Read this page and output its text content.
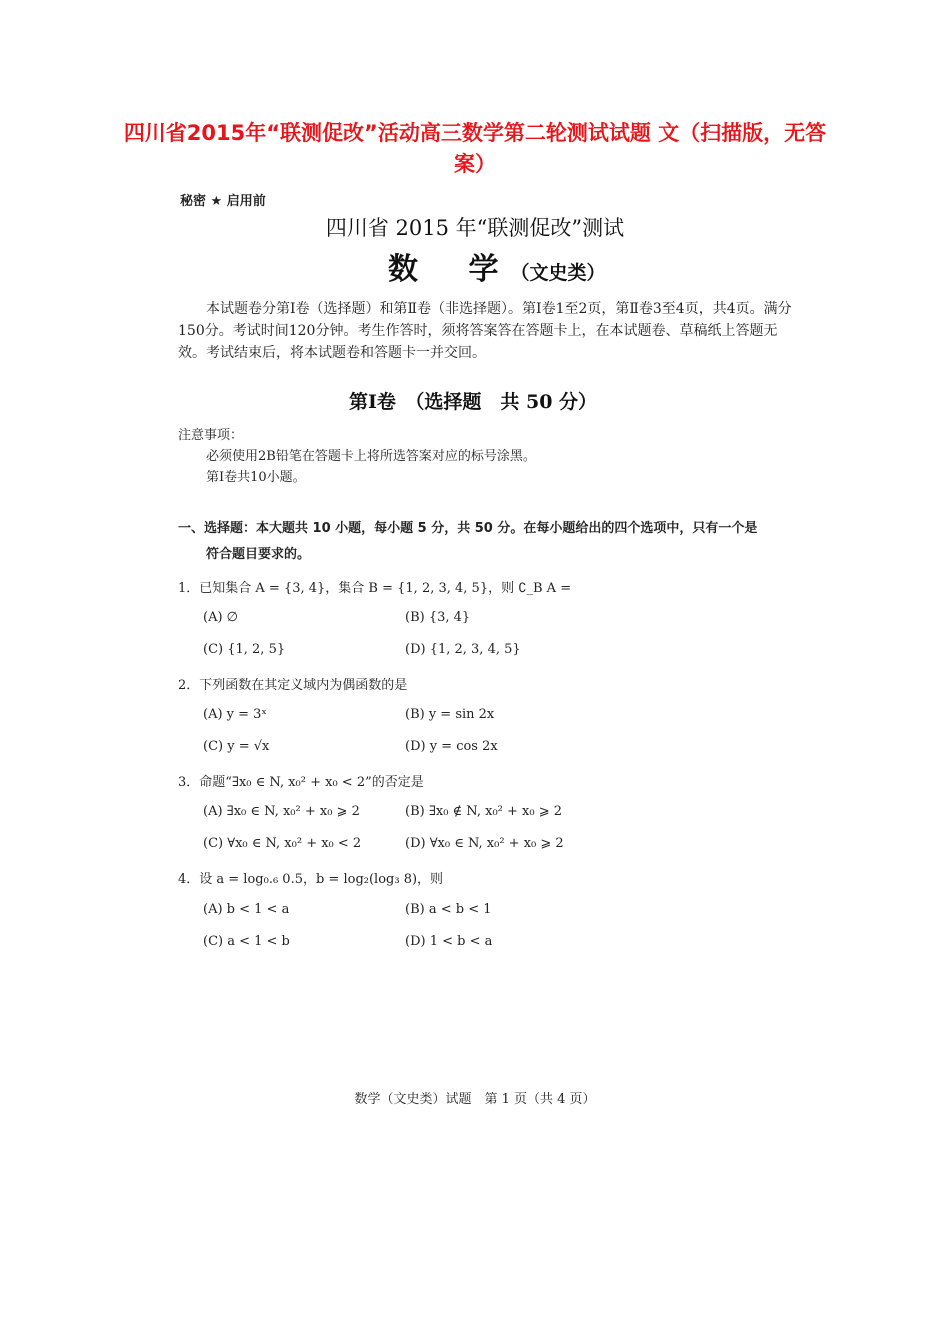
四川省2015年“联测促改”活动高三数学第二轮测试试题 文（扫描版，无答案）
秘密 ★ 启用前
四川省 2015 年“联测促改”测试
数 学（文史类）
本试题卷分第Ⅰ卷（选择题）和第Ⅱ卷（非选择题）。第Ⅰ卷1至2页，第Ⅱ卷3至4页，共4页。满分150分。考试时间120分钟。考生作答时，须将答案答在答题卡上，在本试题卷、草稿纸上答题无效。考试结束后，将本试题卷和答题卡一并交回。
第Ⅰ卷　（选择题　共 50 分）
注意事项：
必须使用2B铅笔在答题卡上将所选答案对应的标号涂黑。
第Ⅰ卷共10小题。
一、选择题：本大题共 10 小题，每小题 5 分，共 50 分。在每小题给出的四个选项中，只有一个是
符合题目要求的。
1．已知集合 A = {3, 4}，集合 B = {1, 2, 3, 4, 5}，则 ∁_B A =
(A) ∅	(B) {3, 4}
(C) {1, 2, 5}	(D) {1, 2, 3, 4, 5}
2．下列函数在其定义域内为偶函数的是
(A) y = 3ˣ	(B) y = sin 2x
(C) y = √x	(D) y = cos 2x
3．命题“∃x₀ ∈ N, x₀² + x₀ < 2”的否定是
(A) ∃x₀ ∈ N, x₀² + x₀ ⩾ 2	(B) ∃x₀ ∉ N, x₀² + x₀ ⩾ 2
(C) ∀x₀ ∈ N, x₀² + x₀ < 2	(D) ∀x₀ ∈ N, x₀² + x₀ ⩾ 2
4．设 a = log₀.₆ 0.5，b = log₂(log₃ 8)，则
(A) b < 1 < a	(B) a < b < 1
(C) a < 1 < b	(D) 1 < b < a
数学（文史类）试题　第 1 页（共 4 页）
